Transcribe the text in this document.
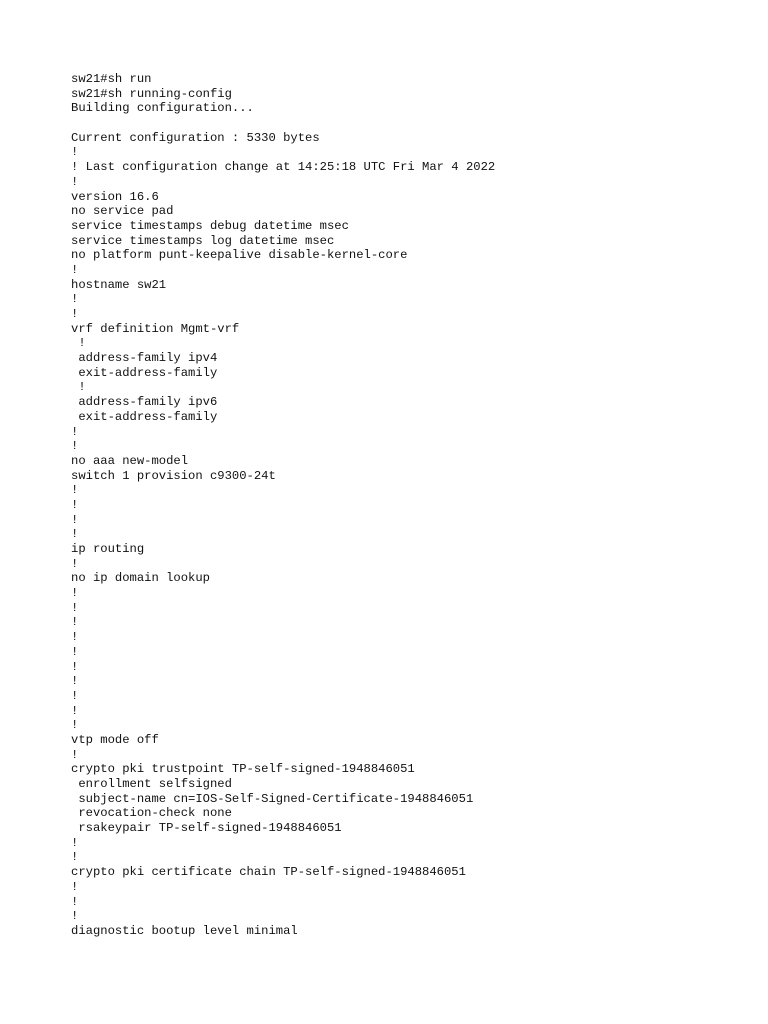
sw21#sh run
sw21#sh running-config
Building configuration...
Current configuration : 5330 bytes
!
! Last configuration change at 14:25:18 UTC Fri Mar 4 2022
!
version 16.6
no service pad
service timestamps debug datetime msec
service timestamps log datetime msec
no platform punt-keepalive disable-kernel-core
!
hostname sw21
!
!
vrf definition Mgmt-vrf
!
address-family ipv4
exit-address-family
!
address-family ipv6
exit-address-family
!
!
no aaa new-model
switch 1 provision c9300-24t
!
!
!
!
ip routing
!
no ip domain lookup
!
!
!
!
!
!
!
!
!
!
vtp mode off
!
crypto pki trustpoint TP-self-signed-1948846051
enrollment selfsigned
subject-name cn=IOS-Self-Signed-Certificate-1948846051
revocation-check none
rsakeypair TP-self-signed-1948846051
!
!
crypto pki certificate chain TP-self-signed-1948846051
!
!
!
diagnostic bootup level minimal
